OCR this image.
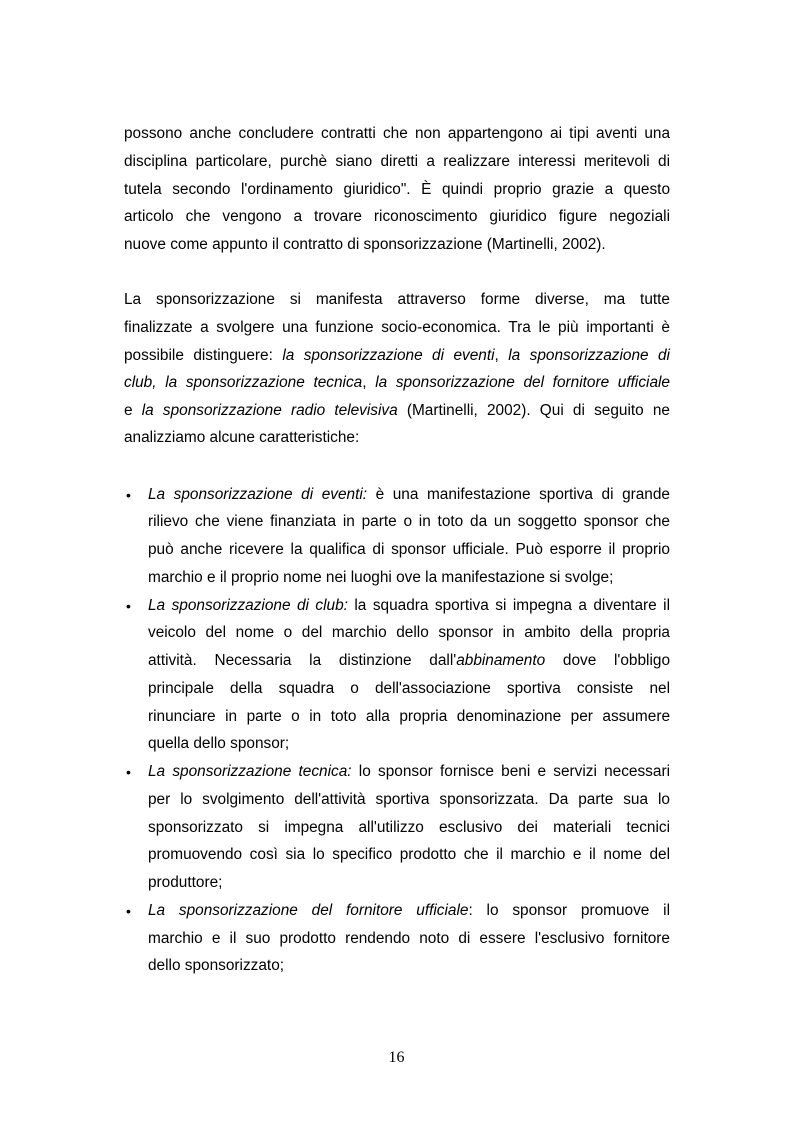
possono anche concludere contratti che non appartengono ai tipi aventi una
disciplina particolare, purchè siano diretti a realizzare interessi meritevoli di
tutela secondo l'ordinamento giuridico". È quindi proprio grazie a questo
articolo che vengono a trovare riconoscimento giuridico figure negoziali
nuove come appunto il contratto di sponsorizzazione (Martinelli, 2002).
La sponsorizzazione si manifesta attraverso forme diverse, ma tutte
finalizzate a svolgere una funzione socio-economica. Tra le più importanti è
possibile distinguere: la sponsorizzazione di eventi, la sponsorizzazione di
club, la sponsorizzazione tecnica, la sponsorizzazione del fornitore ufficiale
e la sponsorizzazione radio televisiva (Martinelli, 2002). Qui di seguito ne
analizziamo alcune caratteristiche:
• La sponsorizzazione di eventi: è una manifestazione sportiva di grande
rilievo che viene finanziata in parte o in toto da un soggetto sponsor che
può anche ricevere la qualifica di sponsor ufficiale. Può esporre il proprio
marchio e il proprio nome nei luoghi ove la manifestazione si svolge;
• La sponsorizzazione di club: la squadra sportiva si impegna a diventare il
veicolo del nome o del marchio dello sponsor in ambito della propria
attività. Necessaria la distinzione dall'abbinamento dove l'obbligo
principale della squadra o dell'associazione sportiva consiste nel
rinunciare in parte o in toto alla propria denominazione per assumere
quella dello sponsor;
• La sponsorizzazione tecnica: lo sponsor fornisce beni e servizi necessari
per lo svolgimento dell'attività sportiva sponsorizzata. Da parte sua lo
sponsorizzato si impegna all'utilizzo esclusivo dei materiali tecnici
promuovendo così sia lo specifico prodotto che il marchio e il nome del
produttore;
• La sponsorizzazione del fornitore ufficiale: lo sponsor promuove il
marchio e il suo prodotto rendendo noto di essere l'esclusivo fornitore
dello sponsorizzato;
16
